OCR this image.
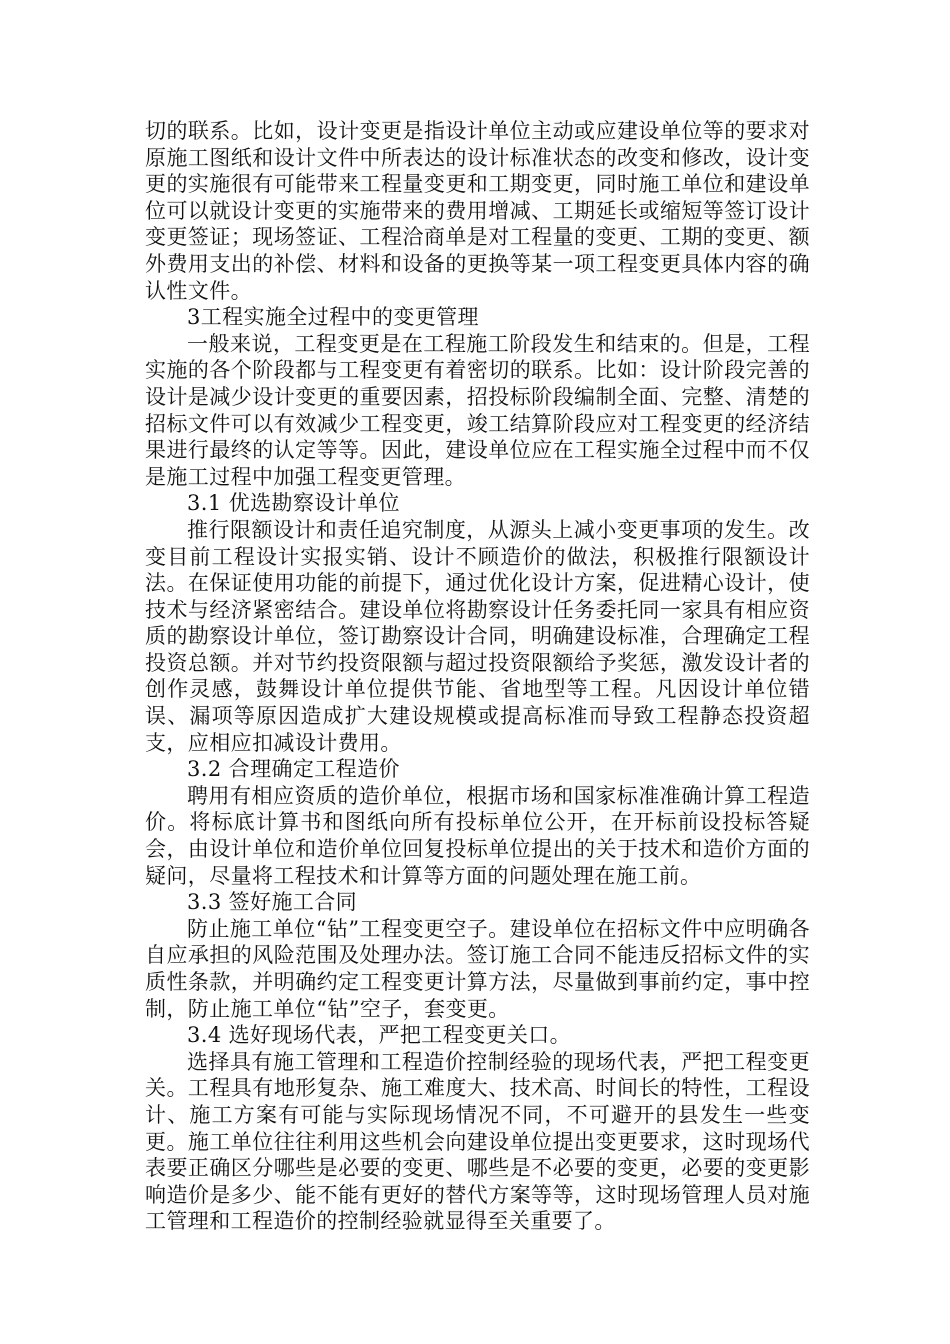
切的联系。比如，设计变更是指设计单位主动或应建设单位等的要求对原施工图纸和设计文件中所表达的设计标准状态的改变和修改，设计变更的实施很有可能带来工程量变更和工期变更，同时施工单位和建设单位可以就设计变更的实施带来的费用增减、工期延长或缩短等签订设计变更签证；现场签证、工程洽商单是对工程量的变更、工期的变更、额外费用支出的补偿、材料和设备的更换等某一项工程变更具体内容的确认性文件。

3工程实施全过程中的变更管理

一般来说，工程变更是在工程施工阶段发生和结束的。但是，工程实施的各个阶段都与工程变更有着密切的联系。比如：设计阶段完善的设计是减少设计变更的重要因素，招投标阶段编制全面、完整、清楚的招标文件可以有效减少工程变更，竣工结算阶段应对工程变更的经济结果进行最终的认定等等。因此，建设单位应在工程实施全过程中而不仅是施工过程中加强工程变更管理。

3.1 优选勘察设计单位

推行限额设计和责任追究制度，从源头上减小变更事项的发生。改变目前工程设计实报实销、设计不顾造价的做法，积极推行限额设计法。在保证使用功能的前提下，通过优化设计方案，促进精心设计，使技术与经济紧密结合。建设单位将勘察设计任务委托同一家具有相应资质的勘察设计单位，签订勘察设计合同，明确建设标准，合理确定工程投资总额。并对节约投资限额与超过投资限额给予奖惩，激发设计者的创作灵感，鼓舞设计单位提供节能、省地型等工程。凡因设计单位错误、漏项等原因造成扩大建设规模或提高标准而导致工程静态投资超支，应相应扣减设计费用。

3.2 合理确定工程造价

聘用有相应资质的造价单位，根据市场和国家标准准确计算工程造价。将标底计算书和图纸向所有投标单位公开，在开标前设投标答疑会，由设计单位和造价单位回复投标单位提出的关于技术和造价方面的疑问，尽量将工程技术和计算等方面的问题处理在施工前。

3.3 签好施工合同

防止施工单位“钻”工程变更空子。建设单位在招标文件中应明确各自应承担的风险范围及处理办法。签订施工合同不能违反招标文件的实质性条款，并明确约定工程变更计算方法，尽量做到事前约定，事中控制，防止施工单位“钻”空子，套变更。

3.4 选好现场代表，严把工程变更关口。

选择具有施工管理和工程造价控制经验的现场代表，严把工程变更关。工程具有地形复杂、施工难度大、技术高、时间长的特性，工程设计、施工方案有可能与实际现场情况不同，不可避开的县发生一些变更。施工单位往往利用这些机会向建设单位提出变更要求，这时现场代表要正确区分哪些是必要的变更、哪些是不必要的变更，必要的变更影响造价是多少、能不能有更好的替代方案等等，这时现场管理人员对施工管理和工程造价的控制经验就显得至关重要了。
